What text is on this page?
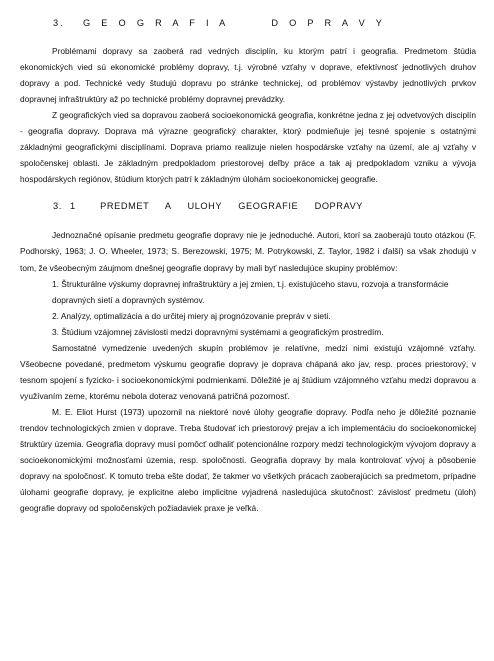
3.  G E O G R A F I A     D O P R A V Y

Problémami dopravy sa zaoberá rad vedných disciplín, ku ktorým patrí i geografia. Predmetom štúdia ekonomických vied sú ekonomické problémy dopravy, t.j. výrobné vzťahy v doprave, efektívnosť jednotlivých druhov dopravy a pod. Technické vedy študujú dopravu po stránke technickej, od problémov výstavby jednotlivých prvkov dopravnej infraštruktúry až po technické problémy dopravnej prevádzky.

Z geografických vied sa dopravou zaoberá socioekonomická geografia, konkrétne jedna z jej odvetvových disciplín - geografia dopravy. Doprava má výrazne geografický charakter, ktorý podmieňuje jej tesné spojenie s ostatnými základnými geografickými disciplínami. Doprava priamo realizuje nielen hospodárske vzťahy na území, ale aj vzťahy v spoločenskej oblasti. Je základným predpokladom priestorovej deľby práce a tak aj predpokladom vzniku a vývoja hospodárskych regiónov, štúdium ktorých patrí k základným úlohám socioekonomickej geografie.

3. 1   PREDMET  A  ULOHY  GEOGRAFIE  DOPRAVY

Jednoznačné opísanie predmetu geografie dopravy nie je jednoduché. Autori, ktorí sa zaoberajú touto otázkou (F. Podhorský, 1963; J. O. Wheeler, 1973; S. Berezowski, 1975; M. Potrykowski, Z. Taylor, 1982 i ďalší) sa však zhodujú v tom, že všeobecným záujmom dnešnej geografie dopravy by mali byť nasledujúce skupiny problémov:

1. Štrukturálne výskumy dopravnej infraštruktúry a jej zmien, t.j. existujúceho stavu, rozvoja a transformácie dopravných sietí a dopravných systémov.
2. Analýzy, optimalizácia a do určitej miery aj prognózovanie prepráv v sieti.
3. Štúdium vzájomnej závislosti medzi dopravnými systémami a geografickým prostredím.

Samostatné vymedzenie uvedených skupín problémov je relatívne, medzi nimi existujú vzájomné vzťahy. Všeobecne povedané, predmetom výskumu geografie dopravy je doprava chápaná ako jav, resp. proces priestorový, v tesnom spojení s fyzicko- i socioekonomickými podmienkami. Dôležité je aj štúdium vzájomného vzťahu medzi dopravou a využívaním zeme, ktorému nebola doteraz venovaná patričná pozornosť.

M. E. Eliot Hurst (1973) upozornil na niektoré nové úlohy geografie dopravy. Podľa neho je dôležité poznanie trendov technologických zmien v doprave. Treba študovať ich priestorový prejav a ich implementáciu do socioekonomickej štruktúry územia. Geografia dopravy musí pomôcť odhaliť potencionálne rozpory medzi technologickým vývojom dopravy a socioekonomickými možnosťami územia, resp. spoločnosti. Geografia dopravy by mala kontrolovať vývoj a pôsobenie dopravy na spoločnosť. K tomuto treba ešte dodať, že takmer vo všetkých prácach zaoberajúcich sa predmetom, prípadne úlohami geografie dopravy, je explicitne alebo implicitne vyjadrená nasledujúca skutočnosť: závislosť predmetu (úloh) geografie dopravy od spoločenských požiadaviek praxe je veľká.
